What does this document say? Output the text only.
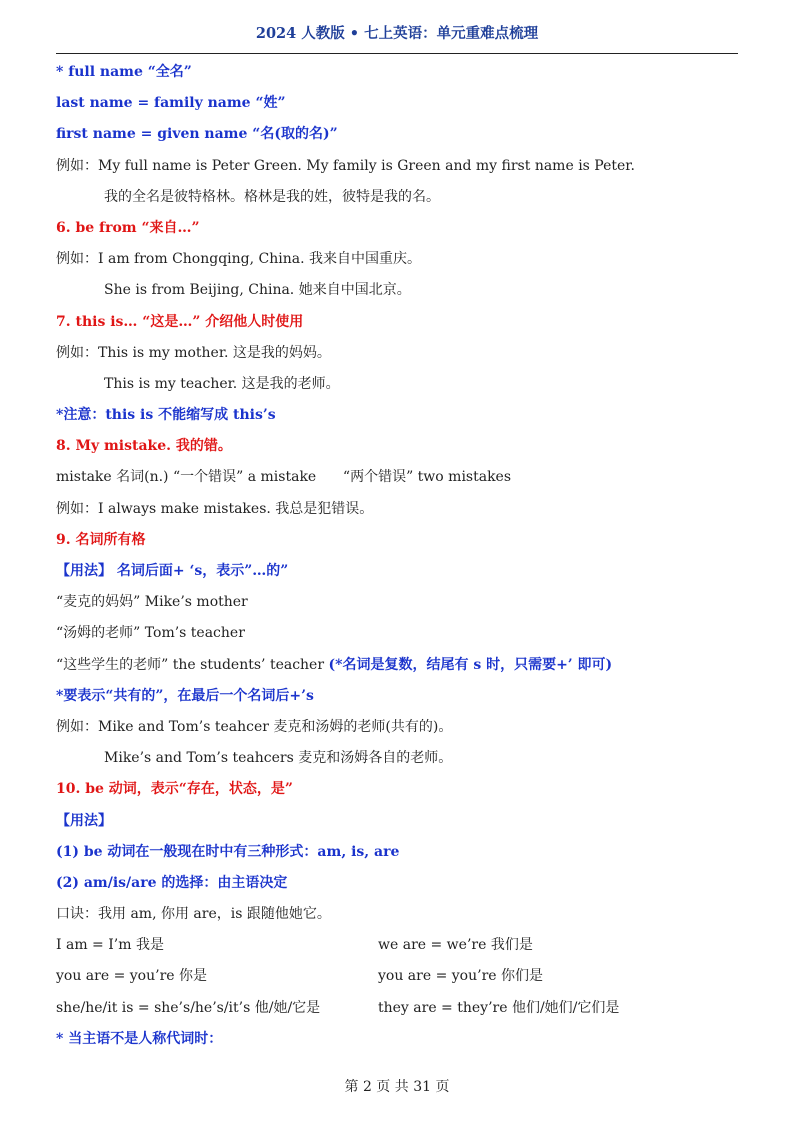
2024 人教版 • 七上英语：单元重难点梳理
* full name “全名”
last name = family name “姓”
first name = given name “名(取的名)”
例如：My full name is Peter Green. My family is Green and my first name is Peter.
我的全名是彼特格林。格林是我的姓，彼特是我的名。
6. be from “来自…”
例如：I am from Chongqing, China. 我来自中国重庆。
She is from Beijing, China. 她来自中国北京。
7. this is… “这是…” 介绍他人时使用
例如：This is my mother. 这是我的妈妈。
This is my teacher. 这是我的老师。
*注意：this is 不能缩写成 this’s
8. My mistake. 我的错。
mistake 名词(n.) “一个错误” a mistake      “两个错误” two mistakes
例如：I always make mistakes. 我总是犯错误。
9. 名词所有格
【用法】 名词后面+ ‘s，表示”…的”
“麦克的妈妈” Mike’s mother
“汤姆的老师” Tom’s teacher
“这些学生的老师” the students’ teacher (*名词是复数，结尾有 s 时，只需要+’ 即可)
*要表示“共有的”，在最后一个名词后+’s
例如：Mike and Tom’s teahcer 麦克和汤姆的老师(共有的)。
Mike’s and Tom’s teahcers 麦克和汤姆各自的老师。
10. be 动词，表示“存在，状态，是”
【用法】
(1) be 动词在一般现在时中有三种形式：am, is, are
(2) am/is/are 的选择：由主语决定
口诀：我用 am, 你用 are，is 跟随他她它。
I am = I’m 我是	we are = we’re 我们是
you are = you’re 你是	you are = you’re 你们是
she/he/it is = she’s/he’s/it’s 他/她/它是	they are = they’re 他们/她们/它们是
* 当主语不是人称代词时：
第 2 页 共 31 页
